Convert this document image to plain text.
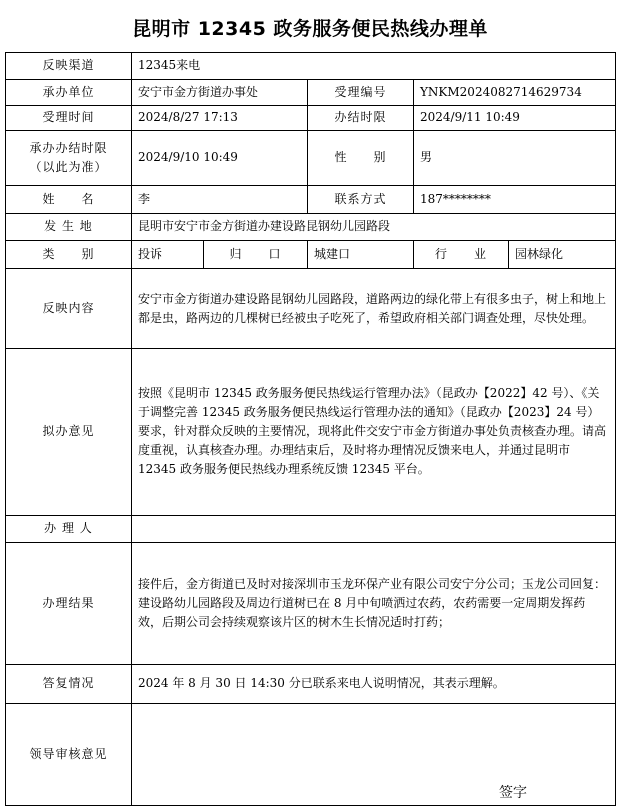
昆明市 12345 政务服务便民热线办理单
反映渠道	12345来电				
承办单位	安宁市金方街道办事处		受理编号	YNKM2024082714629734	
受理时间	2024/8/27 17:13		办结时限	2024/9/11 10:49	

承办办结时限
（以此为准）	2024/9/10 10:49		性　　别	男	
姓　　名	李		联系方式	187********	
发 生 地	昆明市安宁市金方街道办建设路昆钢幼儿园路段				
类　　别	投诉	归　　口	城建口	行　　业	园林绿化
反映内容	安宁市金方街道办建设路昆钢幼儿园路段，道路两边的绿化带上有很多虫子，树上和地上都是虫，路两边的几棵树已经被虫子吃死了，希望政府相关部门调查处理，尽快处理。				
拟办意见	按照《昆明市 12345 政务服务便民热线运行管理办法》（昆政办【2022】42 号）、《关于调整完善 12345 政务服务便民热线运行管理办法的通知》（昆政办【2023】24 号）要求，针对群众反映的主要情况，现将此件交安宁市金方街道办事处负责核查办理。请高度重视，认真核查办理。办理结束后，及时将办理情况反馈来电人，并通过昆明市 12345 政务服务便民热线办理系统反馈 12345 平台。				
办 理 人					
办理结果	接件后，金方街道已及时对接深圳市玉龙环保产业有限公司安宁分公司；玉龙公司回复：建设路幼儿园路段及周边行道树已在 8 月中旬喷洒过农药，农药需要一定周期发挥药效，后期公司会持续观察该片区的树木生长情况适时打药；				
答复情况	2024 年 8 月 30 日 14:30 分已联系来电人说明情况，其表示理解。				
领导审核意见	签字				
